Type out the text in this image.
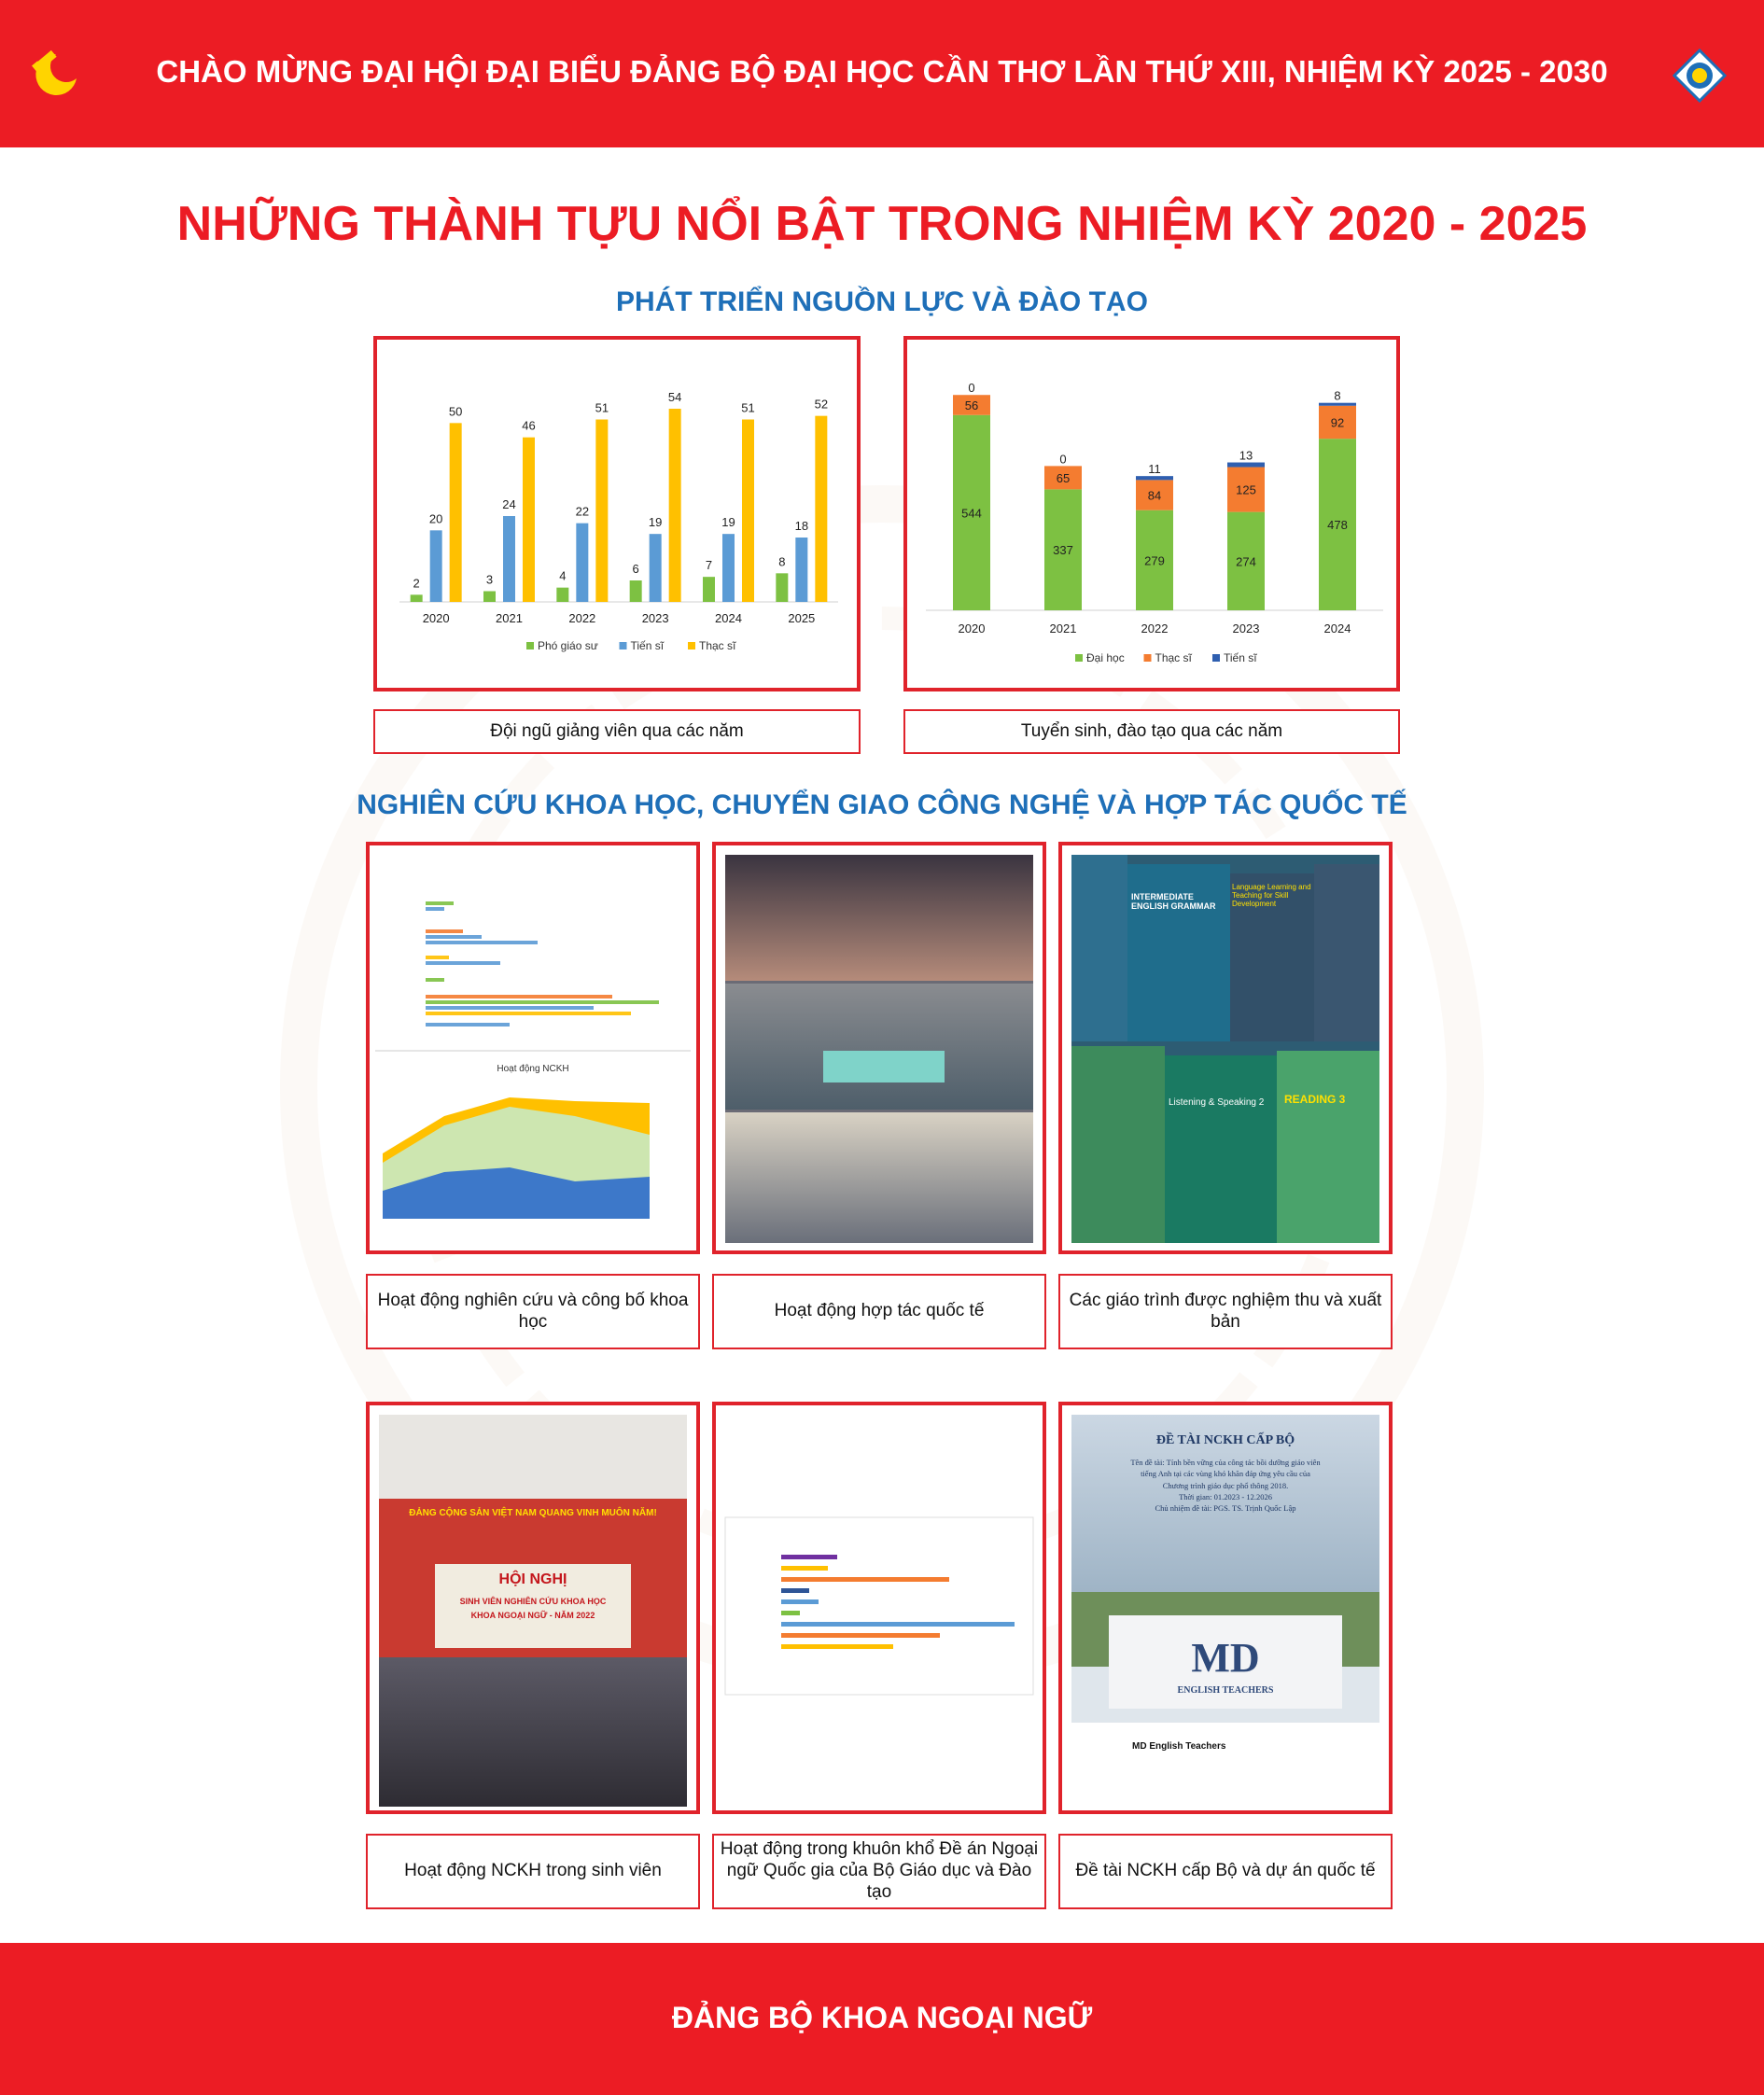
CHÀO MỪNG ĐẠI HỘI ĐẠI BIỂU ĐẢNG BỘ ĐẠI HỌC CẦN THƠ LẦN THỨ XIII, NHIỆM KỲ 2025 - 2030
NHỮNG THÀNH TỰU NỔI BẬT TRONG NHIỆM KỲ 2020 - 2025
PHÁT TRIỂN NGUỒN LỰC VÀ ĐÀO TẠO
2
20
50
2020
3
24
46
2021
4
22
51
2022
6
19
54
2023
7
19
51
2024
8
18
52
2025
Phó giáo sư	Tiến sĩ	Thạc sĩ
544
56
0
2020
337
65
0
2021
279
84
11
2022
274
125
13
2023
478
92
8
2024
Đại học	Thạc sĩ	Tiến sĩ
Đội ngũ giảng viên qua các năm	Tuyển sinh, đào tạo qua các năm
NGHIÊN CỨU KHOA HỌC, CHUYỂN GIAO CÔNG NGHỆ VÀ HỢP TÁC QUỐC TẾ
Hoạt động NCKH
INTERMEDIATE ENGLISH GRAMMAR
Language Learning and Teaching for Skill Development
Listening & Speaking 2	READING 3
Hoạt động nghiên cứu và công bố khoa học
Hoạt động hợp tác quốc tế
Các giáo trình được nghiệm thu và xuất bản
ĐẢNG CỘNG SẢN VIỆT NAM QUANG VINH MUÔN NĂM!
HỘI NGHỊ
SINH VIÊN NGHIÊN CỨU KHOA HỌC
KHOA NGOẠI NGỮ - NĂM 2022
ĐỀ TÀI NCKH CẤP BỘ
Tên đề tài: Tính bền vững của công tác bồi dưỡng giáo viên
tiếng Anh tại các vùng khó khăn đáp ứng yêu cầu của
Chương trình giáo dục phổ thông 2018.
Thời gian: 01.2023 - 12.2026
Chủ nhiệm đề tài: PGS. TS. Trịnh Quốc Lập
MD
ENGLISH TEACHERS
MD English Teachers
Hoạt động NCKH trong sinh viên
Hoạt động trong khuôn khổ Đề án Ngoại ngữ Quốc gia của Bộ Giáo dục và Đào tạo
Đề tài NCKH cấp Bộ và dự án quốc tế
ĐẢNG BỘ KHOA NGOẠI NGỮ
